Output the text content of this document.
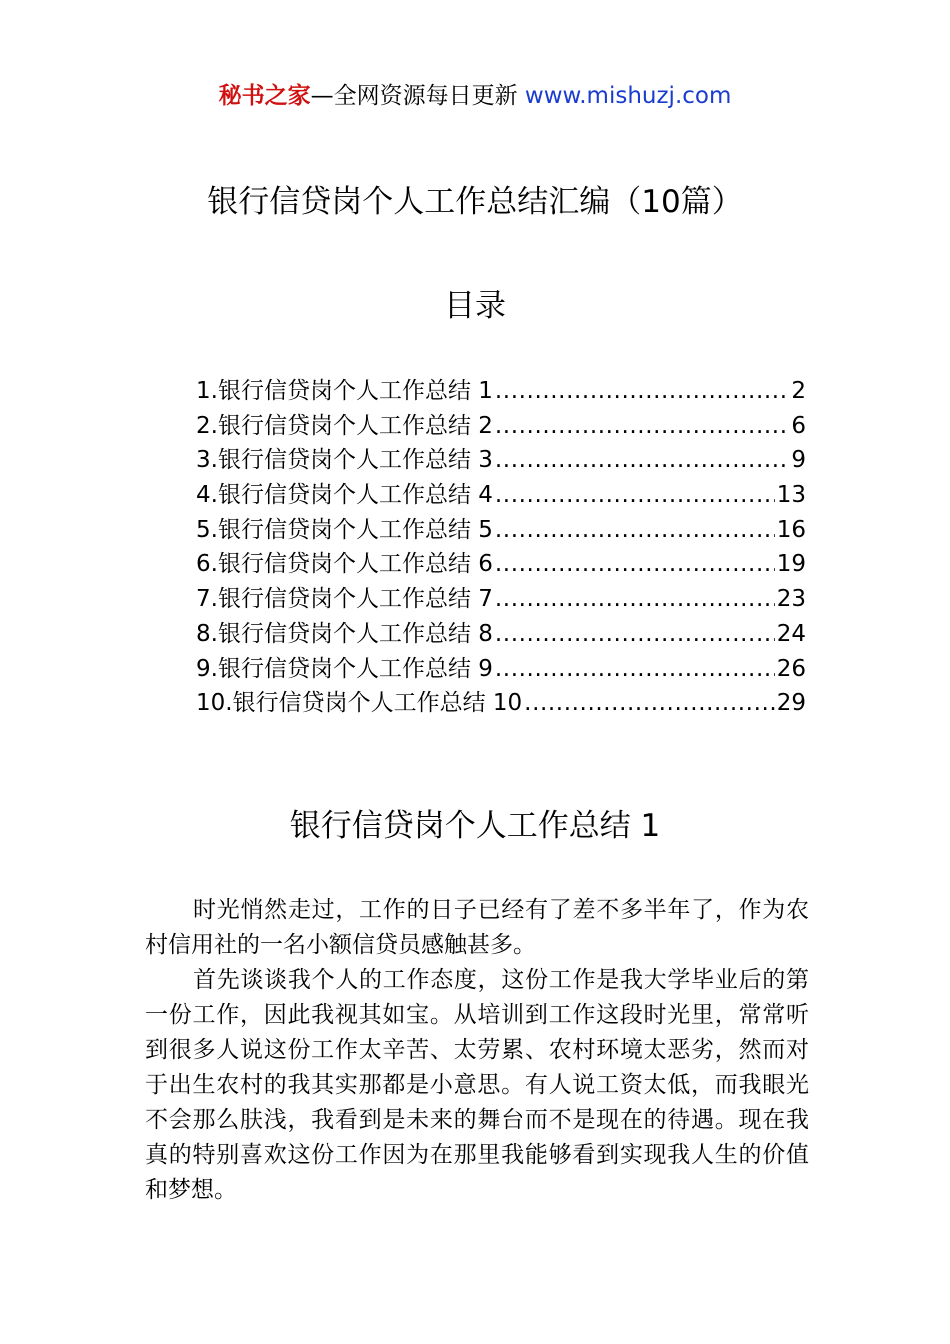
秘书之家—全网资源每日更新 www.mishuzj.com
银行信贷岗个人工作总结汇编（10篇）
目录
1.银行信贷岗个人工作总结 1 .....	2
2.银行信贷岗个人工作总结 2 .....	6
3.银行信贷岗个人工作总结 3 .....	9
4.银行信贷岗个人工作总结 4 .....	13
5.银行信贷岗个人工作总结 5 .....	16
6.银行信贷岗个人工作总结 6 .....	19
7.银行信贷岗个人工作总结 7 .....	23
8.银行信贷岗个人工作总结 8 .....	24
9.银行信贷岗个人工作总结 9 .....	26
10.银行信贷岗个人工作总结 10 .....	29
银行信贷岗个人工作总结 1

时光悄然走过，工作的日子已经有了差不多半年了，作为农村信用社的一名小额信贷员感触甚多。

首先谈谈我个人的工作态度，这份工作是我大学毕业后的第一份工作，因此我视其如宝。从培训到工作这段时光里，常常听到很多人说这份工作太辛苦、太劳累、农村环境太恶劣，然而对于出生农村的我其实那都是小意思。有人说工资太低，而我眼光不会那么肤浅，我看到是未来的舞台而不是现在的待遇。现在我真的特别喜欢这份工作因为在那里我能够看到实现我人生的价值和梦想。
